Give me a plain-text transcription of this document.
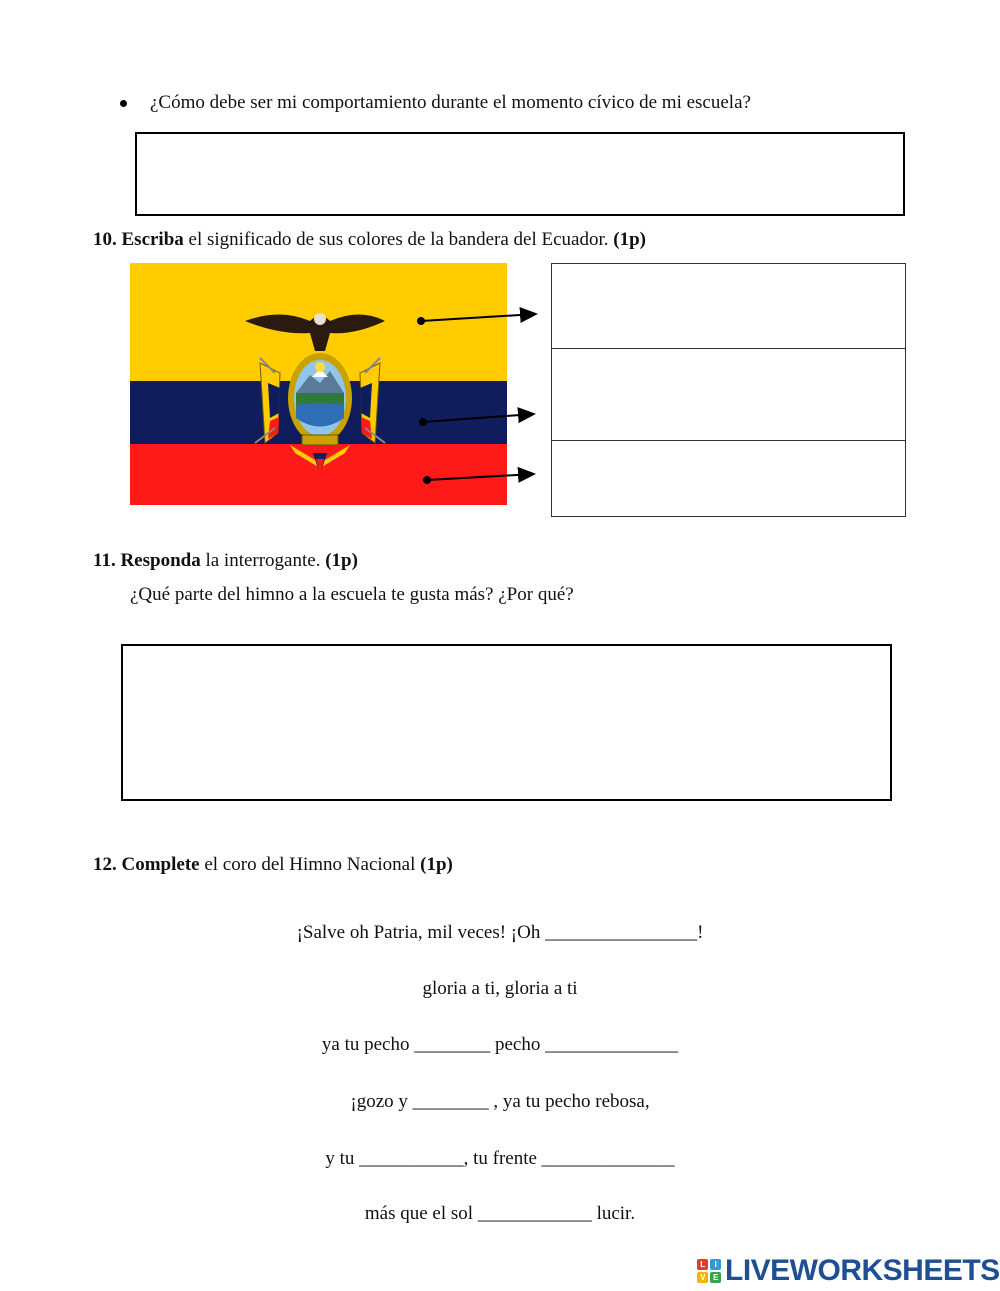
¿Cómo debe ser mi comportamiento durante el momento cívico de mi escuela?
10. Escriba el significado de sus colores de la bandera del Ecuador. (1p)
11. Responda la interrogante. (1p)
¿Qué parte del himno a la escuela te gusta más? ¿Por qué?
12. Complete el coro del Himno Nacional (1p)
¡Salve oh Patria, mil veces! ¡Oh ________________!
gloria a ti, gloria a ti
ya tu pecho ________ pecho ______________
¡gozo y ________ , ya tu pecho rebosa,
y tu ___________, tu frente ______________
más que el sol ____________ lucir.
L	I
V	E LIVEWORKSHEETS
